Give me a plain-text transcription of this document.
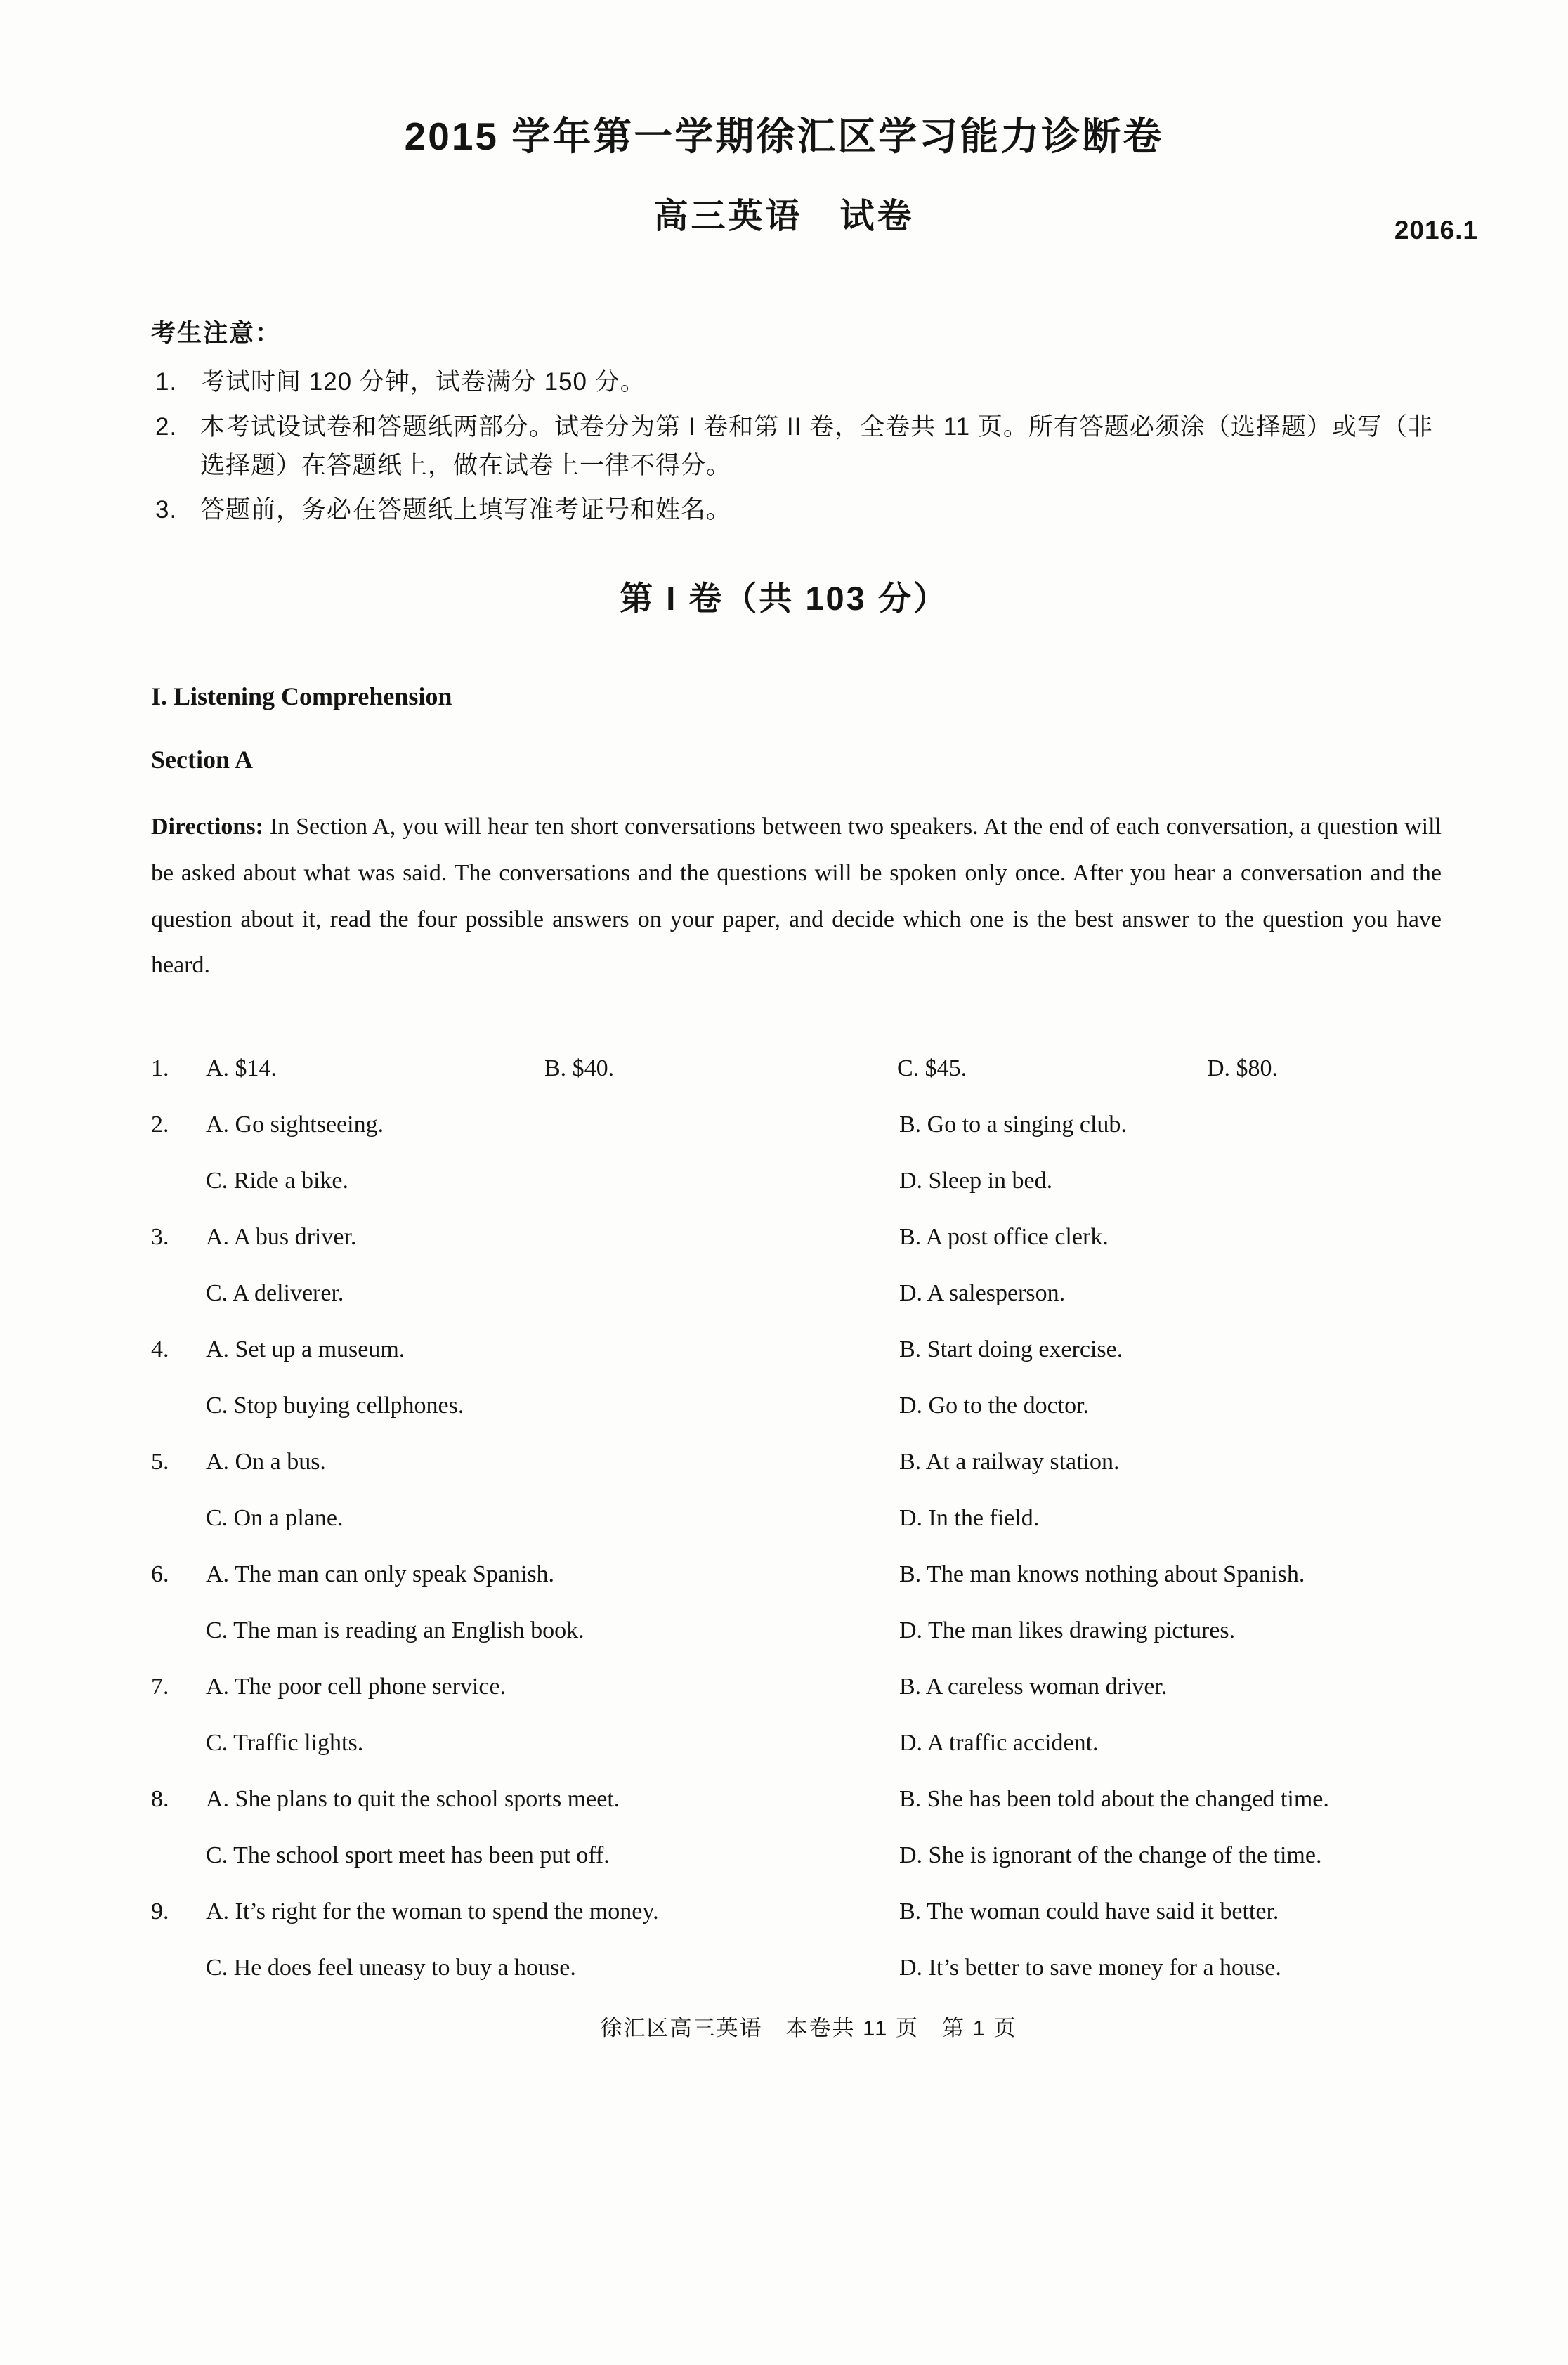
2015 学年第一学期徐汇区学习能力诊断卷
高三英语　试卷	2016.1
考生注意：
1. 考试时间 120 分钟，试卷满分 150 分。
2. 本考试设试卷和答题纸两部分。试卷分为第 I 卷和第 II 卷，全卷共 11 页。所有答题必须涂（选择题）或写（非选择题）在答题纸上，做在试卷上一律不得分。
3. 答题前，务必在答题纸上填写准考证号和姓名。
第 I 卷（共 103 分）
I. Listening Comprehension
Section A

Directions: In Section A, you will hear ten short conversations between two speakers. At the end of each conversation, a question will be asked about what was said. The conversations and the questions will be spoken only once. After you hear a conversation and the question about it, read the four possible answers on your paper, and decide which one is the best answer to the question you have heard.

1.	A. $14.	B. $40.	C. $45.	D. $80.
2.	A. Go sightseeing.	B. Go to a singing club.
C. Ride a bike.	D. Sleep in bed.
3.	A. A bus driver.	B. A post office clerk.
C. A deliverer.	D. A salesperson.
4.	A. Set up a museum.	B. Start doing exercise.
C. Stop buying cellphones.	D. Go to the doctor.
5.	A. On a bus.	B. At a railway station.
C. On a plane.	D. In the field.
6.	A. The man can only speak Spanish.	B. The man knows nothing about Spanish.
C. The man is reading an English book.	D. The man likes drawing pictures.
7.	A. The poor cell phone service.	B. A careless woman driver.
C. Traffic lights.	D. A traffic accident.
8.	A. She plans to quit the school sports meet.	B. She has been told about the changed time.
C. The school sport meet has been put off.	D. She is ignorant of the change of the time.
9.	A. It’s right for the woman to spend the money.	B. The woman could have said it better.
C. He does feel uneasy to buy a house.	D. It’s better to save money for a house.
徐汇区高三英语　本卷共 11 页　第 1 页
